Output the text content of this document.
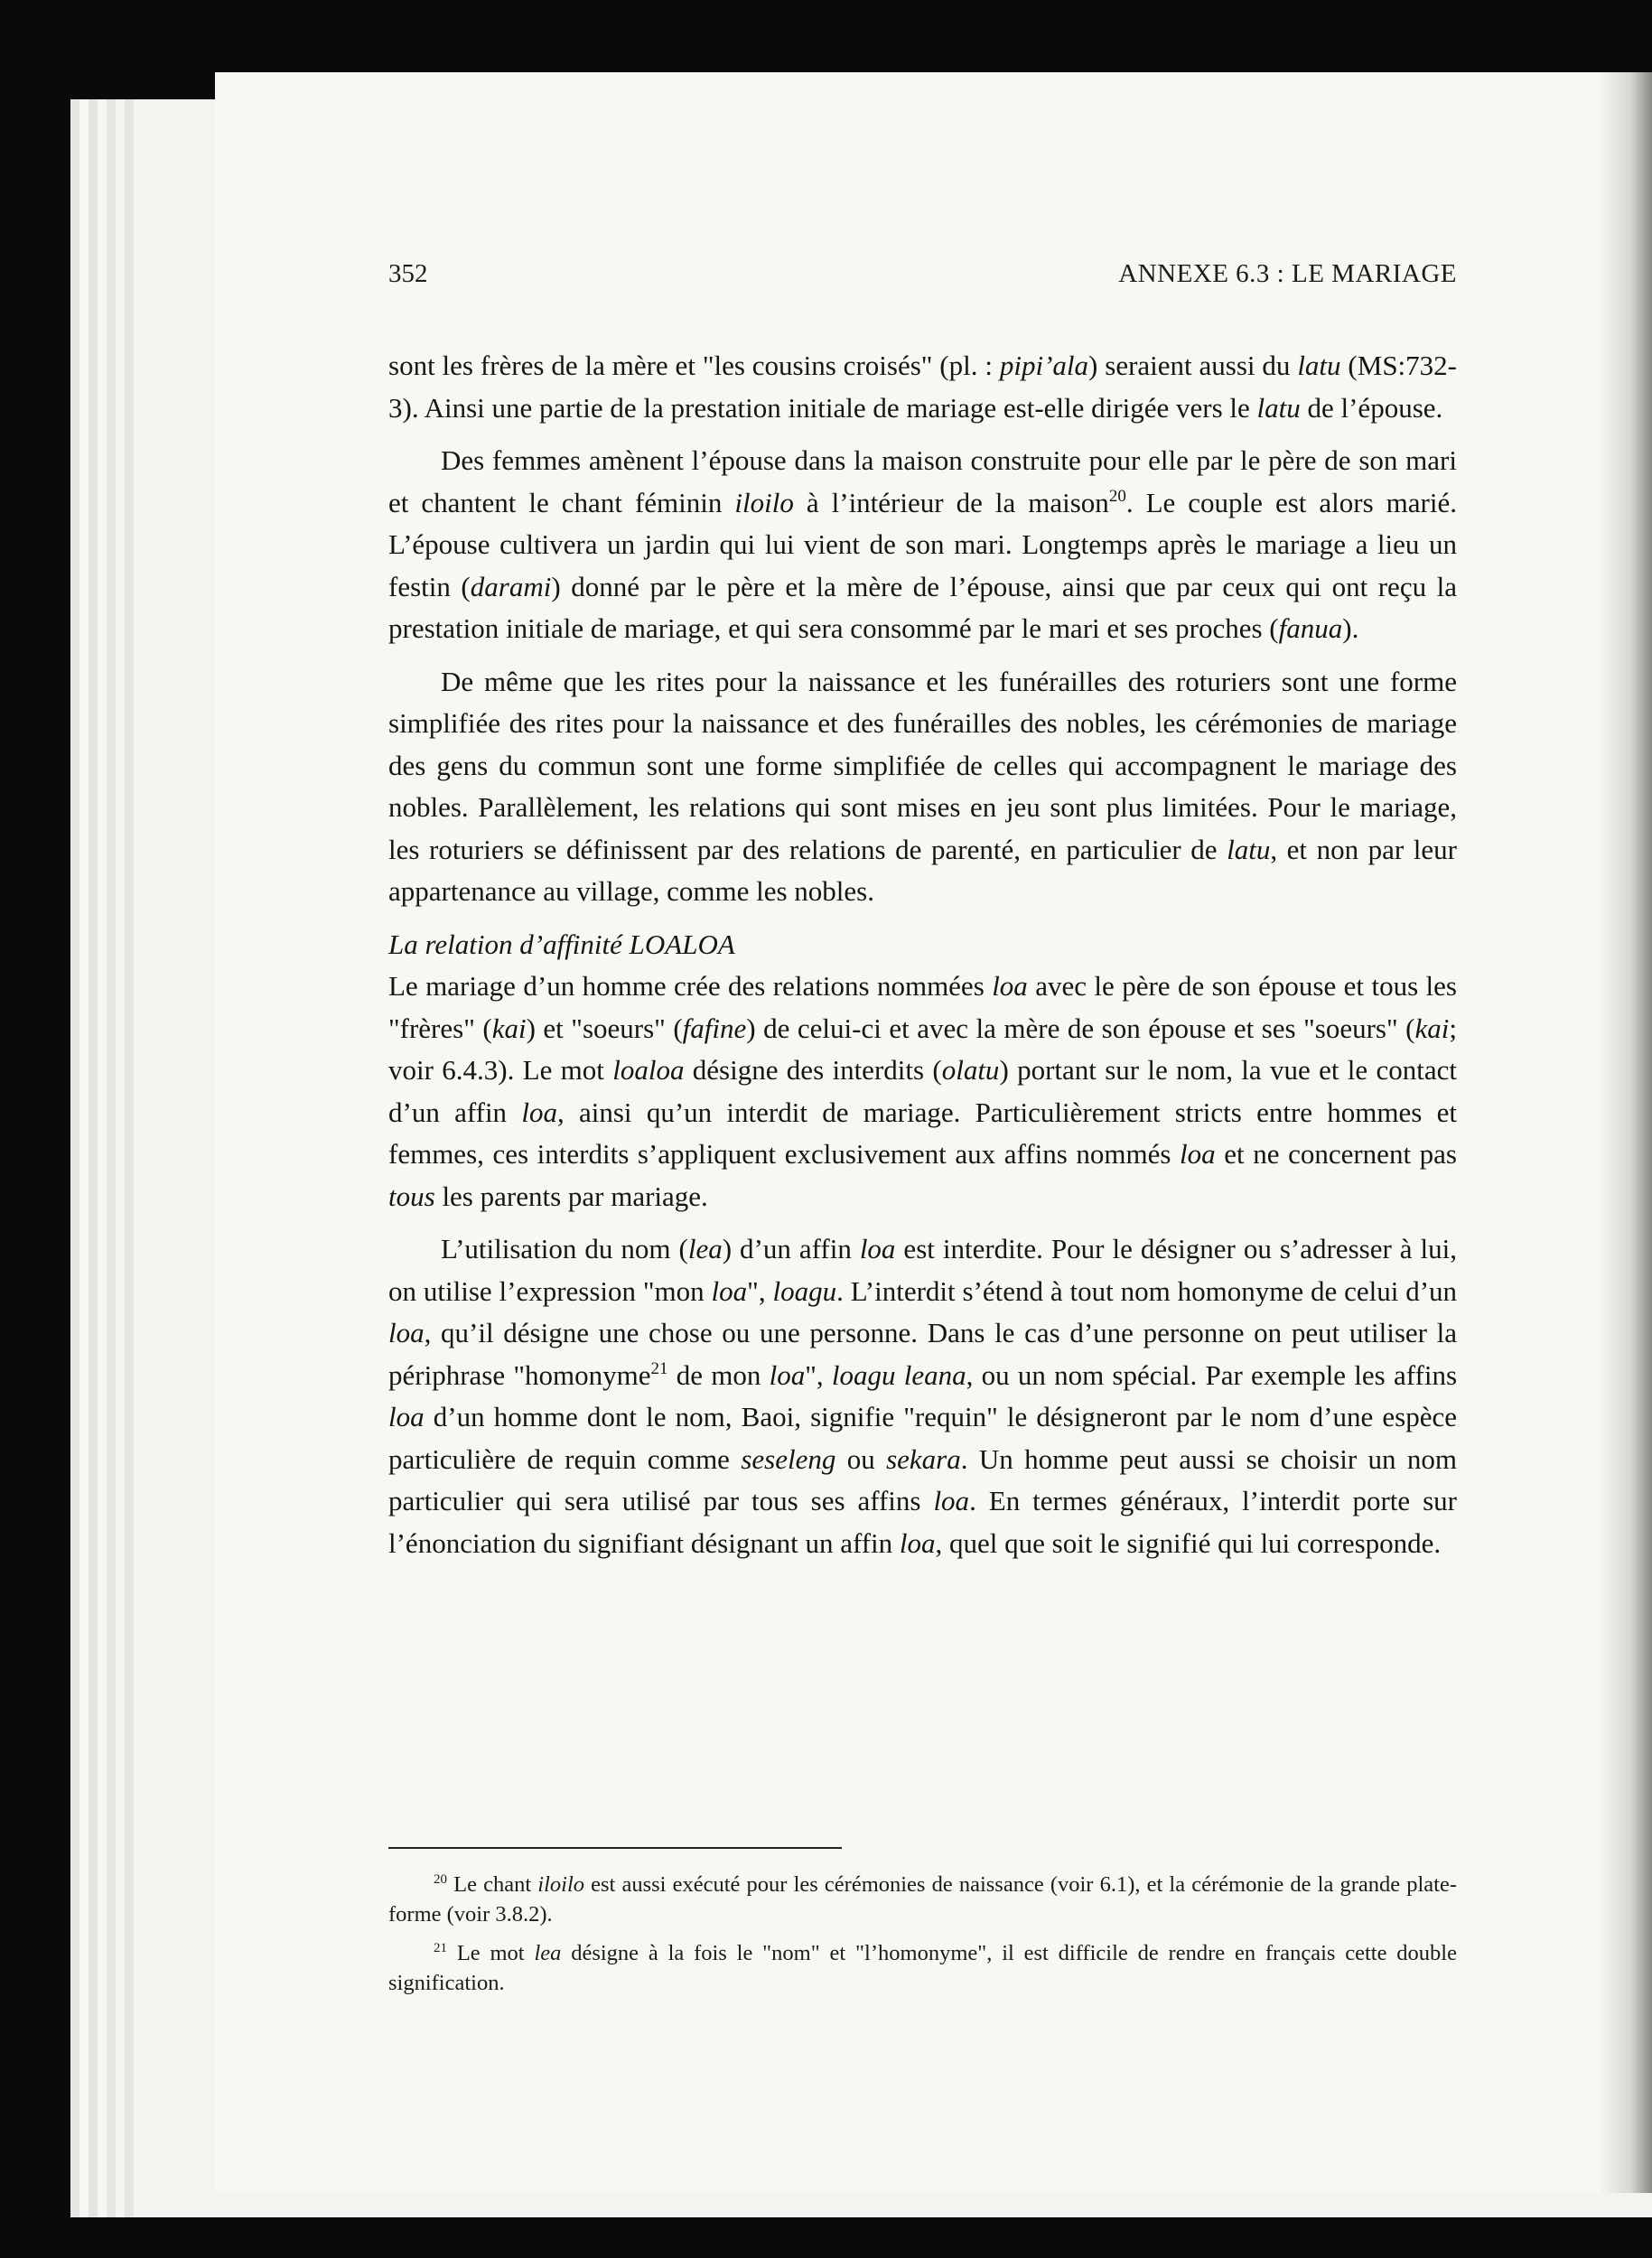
352	ANNEXE 6.3 : LE MARIAGE

sont les frères de la mère et "les cousins croisés" (pl. : pipi’ala) seraient aussi du latu (MS:732-3). Ainsi une partie de la prestation initiale de mariage est-elle dirigée vers le latu de l’épouse.

Des femmes amènent l’épouse dans la maison construite pour elle par le père de son mari et chantent le chant féminin iloilo à l’intérieur de la maison$^{20}$. Le couple est alors marié. L’épouse cultivera un jardin qui lui vient de son mari. Longtemps après le mariage a lieu un festin (darami) donné par le père et la mère de l’épouse, ainsi que par ceux qui ont reçu la prestation initiale de mariage, et qui sera consommé par le mari et ses proches (fanua).

De même que les rites pour la naissance et les funérailles des roturiers sont une forme simplifiée des rites pour la naissance et des funérailles des nobles, les cérémonies de mariage des gens du commun sont une forme simplifiée de celles qui accompagnent le mariage des nobles. Parallèlement, les relations qui sont mises en jeu sont plus limitées. Pour le mariage, les roturiers se définissent par des relations de parenté, en particulier de latu, et non par leur appartenance au village, comme les nobles.

La relation d’affinité LOALOA

Le mariage d’un homme crée des relations nommées loa avec le père de son épouse et tous les "frères" (kai) et "soeurs" (fafine) de celui-ci et avec la mère de son épouse et ses "soeurs" (kai; voir 6.4.3). Le mot loaloa désigne des interdits (olatu) portant sur le nom, la vue et le contact d’un affin loa, ainsi qu’un interdit de mariage. Particulièrement stricts entre hommes et femmes, ces interdits s’appliquent exclusivement aux affins nommés loa et ne concernent pas tous les parents par mariage.

L’utilisation du nom (lea) d’un affin loa est interdite. Pour le désigner ou s’adresser à lui, on utilise l’expression "mon loa", loagu. L’interdit s’étend à tout nom homonyme de celui d’un loa, qu’il désigne une chose ou une personne. Dans le cas d’une personne on peut utiliser la périphrase "homonyme$^{21}$ de mon loa", loagu leana, ou un nom spécial. Par exemple les affins loa d’un homme dont le nom, Baoi, signifie "requin" le désigneront par le nom d’une espèce particulière de requin comme seseleng ou sekara. Un homme peut aussi se choisir un nom particulier qui sera utilisé par tous ses affins loa. En termes généraux, l’interdit porte sur l’énonciation du signifiant désignant un affin loa, quel que soit le signifié qui lui corresponde.

$^{20}$ Le chant iloilo est aussi exécuté pour les cérémonies de naissance (voir 6.1), et la cérémonie de la grande plate-forme (voir 3.8.2).

$^{21}$ Le mot lea désigne à la fois le "nom" et "l’homonyme", il est difficile de rendre en français cette double signification.
